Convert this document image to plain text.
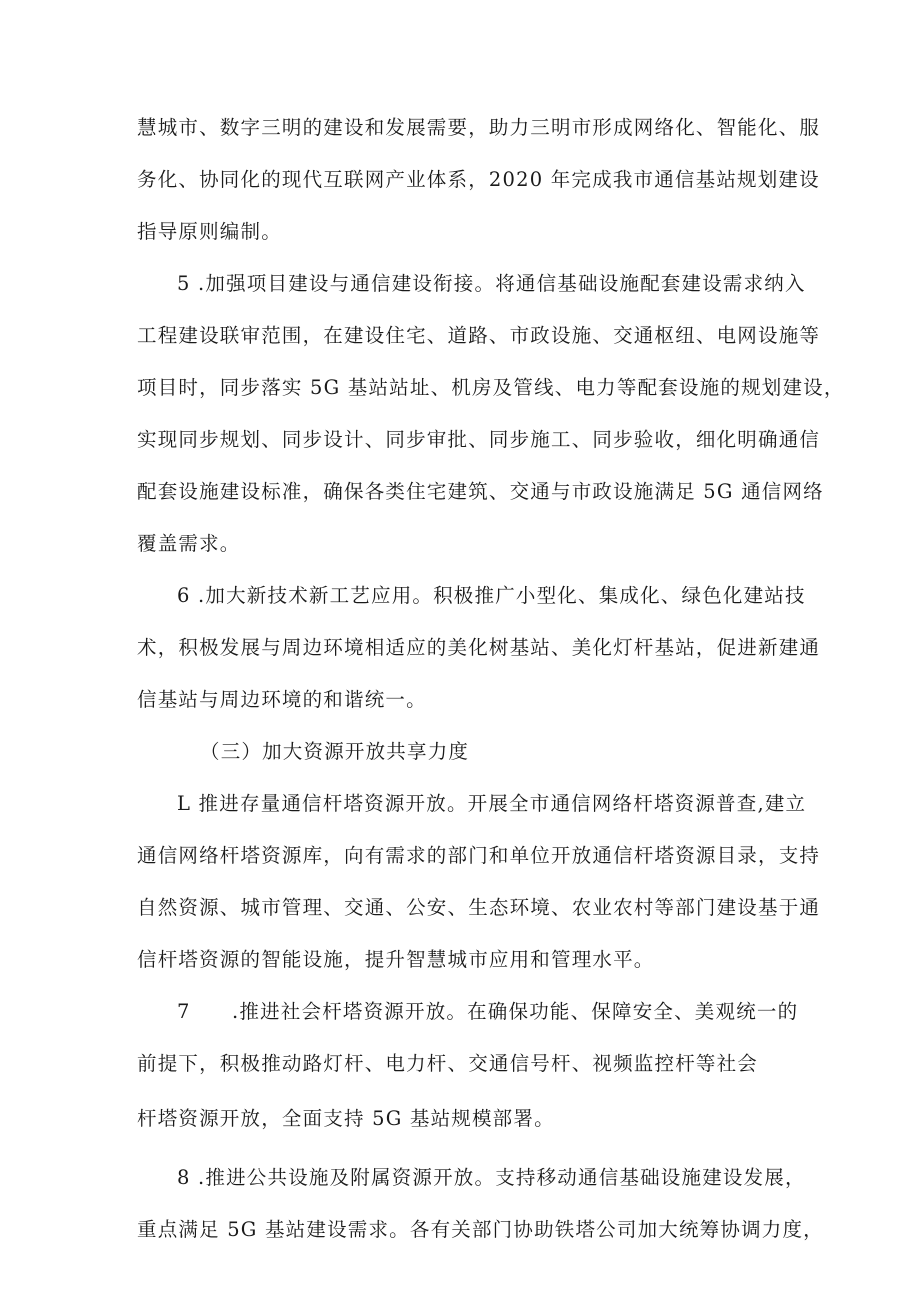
慧城市、数字三明的建设和发展需要，助力三明市形成网络化、智能化、服
务化、协同化的现代互联网产业体系，2020 年完成我市通信基站规划建设
指导原则编制。
5 .加强项目建设与通信建设衔接。将通信基础设施配套建设需求纳入
工程建设联审范围，在建设住宅、道路、市政设施、交通枢纽、电网设施等
项目时，同步落实 5G 基站站址、机房及管线、电力等配套设施的规划建设，
实现同步规划、同步设计、同步审批、同步施工、同步验收，细化明确通信
配套设施建设标准，确保各类住宅建筑、交通与市政设施满足 5G 通信网络
覆盖需求。
6 .加大新技术新工艺应用。积极推广小型化、集成化、绿色化建站技
术，积极发展与周边环境相适应的美化树基站、美化灯杆基站，促进新建通
信基站与周边环境的和谐统一。
（三）加大资源开放共享力度
L 推进存量通信杆塔资源开放。开展全市通信网络杆塔资源普查,建立
通信网络杆塔资源库，向有需求的部门和单位开放通信杆塔资源目录，支持
自然资源、城市管理、交通、公安、生态环境、农业农村等部门建设基于通
信杆塔资源的智能设施，提升智慧城市应用和管理水平。
7　　.推进社会杆塔资源开放。在确保功能、保障安全、美观统一的
前提下，积极推动路灯杆、电力杆、交通信号杆、视频监控杆等社会
杆塔资源开放，全面支持 5G 基站规模部署。
8 .推进公共设施及附属资源开放。支持移动通信基础设施建设发展，
重点满足 5G 基站建设需求。各有关部门协助铁塔公司加大统筹协调力度，
